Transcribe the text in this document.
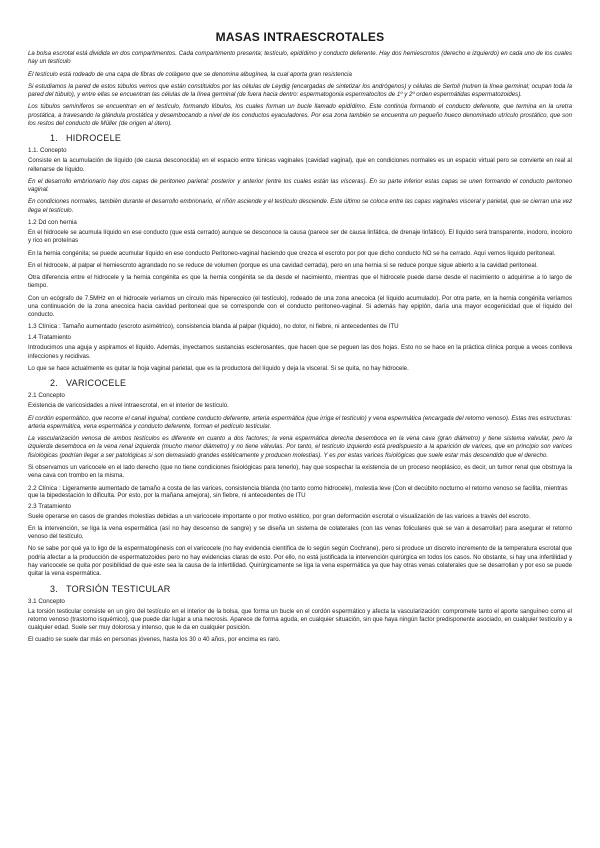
MASAS INTRAESCROTALES

La bolsa escrotal está dividida en dos compartimentos. Cada compartimento presenta; testículo, epidídimo y conducto deferente. Hay dos hemiescrotos (derecho e izquierdo) en cada uno de los cuales hay un testículo

El testículo está rodeado de una capa de fibras de colágeno que se denomina albugínea, la cual aporta gran resistencia

Si estudiamos la pared de estos túbulos vemos que están constituidos por las células de Leydig (encargadas de sintetizar los andrógenos) y células de Sertoli (nutren la línea germinal; ocupan toda la pared del túbulo), y entre ellas se encuentran las células de la línea germinal (de fuera hacia dentro: espermatogonia espermatocitos de 1º y 2º orden espermátidas espermatozoides).

Los túbulos seminíferos se encuentran en el testículo, formando lóbulos, los cuales forman un bucle llamado epidídimo. Este continúa formando el conducto deferente, que termina en la uretra prostática, a travesando la glándula prostática y desembocando a nivel de los conductos eyaculadores. Por esa zona también se encuentra un pequeño hueco denominado utrículo prostático, que son los restos del conducto de Müller (de origen al útero).

1. HIDROCELE
1.1. Concepto

Consiste en la acumulación de líquido (de causa desconocida) en el espacio entre túnicas vaginales (cavidad vaginal), que en condiciones normales es un espacio virtual pero se convierte en real al rellenarse de líquido.

En el desarrollo embrionario hay dos capas de peritoneo parietal: posterior y anterior (entre los cuales están las vísceras). En su parte inferior estas capas se unen formando el conducto peritoneo vaginal.

En condiciones normales, también durante el desarrollo embrionario, el riñón asciende y el testículo desciende. Este último se coloca entre las capas vaginales visceral y parietal, que se cierran una vez llega el testículo.

1.2 Dd con hernia

En el hidrocele se acumula líquido en ese conducto (que está cerrado) aunque se desconoce la causa (parece ser de causa linfática, de drenaje linfático). El líquido será transparente, inodoro, incoloro y rico en proteínas

En la hernia congénita; se puede acumular líquido en ese conducto Peritoneo-vaginal haciendo que crezca el escroto por por que dicho conducto NO se ha cerrado. Aquí vemos líquido peritoneal.

En el hidrocele, al palpar el hemiescroto agrandado no se reduce de volumen (porque es una cavidad cerrada), pero en una hernia si se reduce porque sigue abierto a la cavidad peritoneal.

Otra diferencia entre el hidrocele y la hernia congénita es que la hernia congénita se da desde el nacimiento, mientras que el hidrocele puede darse desde el nacimiento o adquirirse a lo largo de tiempo.

Con un ecógrafo de 7.5MHz en el hidrocele veríamos un círculo más hiperecoico (el testículo), rodeado de una zona anecoica (el líquido acumulado). Por otra parte, en la hernia congénita veríamos una continuación de la zona anecoica hacia cavidad peritoneal que se corresponde con el conducto peritoneo-vaginal. Si además hay epiplón, daría una mayor ecogenicidad que el líquido del conducto.

1.3 Clínica : Tamaño aumentado (escroto asimétrico), consistencia blanda al palpar (líquido), no dolor, ni fiebre, ni antecedentes de ITU
1.4 Tratamiento

Introducimos una aguja y aspiramos el líquido. Además, inyectamos sustancias esclerosantes, que hacen que se peguen las dos hojas. Esto no se hace en la práctica clínica porque a veces conlleva infecciones y recidivas.

Lo que se hace actualmente es quitar la hoja vaginal parietal, que es la productora del líquido y deja la visceral. Si se quita, no hay hidrocele.

2. VARICOCELE
2.1 Concepto

Existencia de varicosidades a nivel intraescrotal, en el interior de testículo.

El cordón espermático, que recorre el canal inguinal, contiene conducto deferente, arteria espermática (que irriga el testículo) y vena espermática (encargada del retorno venoso). Estas tres estructuras: arteria espermática, vena espermática y conducto deferente, forman el pedículo testicular.

La vascularización venosa de ambos testículos es diferente en cuanto a dos factores; la vena espermática derecha desemboca en la vena cava (gran diámetro) y tiene sistema valvular, pero la izquierda desemboca en la vena renal izquierda (mucho menor diámetro) y no tiene válvulas. Por tanto, el testículo izquierdo está predispuesto a la aparición de varices, que en principio son varices fisiológicas (podrían llegar a ser patológicas si son demasiado grandes estéticamente y producen molestias). Y es por estas varices fisiológicas que suele estar más descendido que el derecho.

Si observamos un varicocele en el lado derecho (que no tiene condiciones fisiológicas para tenerlo), hay que sospechar la existencia de un proceso neoplásico, es decir, un tumor renal que obstruya la vena cava con trombo en la misma.

2.2 Clínica : Ligeramente aumentado de tamaño a costa de las varices, consistencia blanda (no tanto como hidrocele), molestia leve (Con el decúbito nocturno el retorno venoso se facilita, mientras que la bipedestación lo dificulta. Por esto, por la mañana amejora), sin fiebre, ni antecedentes de ITU
2.3 Tratamiento

Suele operarse en casos de grandes molestias debidas a un varicocele importante o por motivo estético, por gran deformación escrotal o visualización de las varices a través del escroto.

En la intervención, se liga la vena espermática (así no hay descenso de sangre) y se diseña un sistema de colaterales (con las venas foliculares que se van a desarrollar) para asegurar el retorno venoso del testículo.

No se sabe por qué ya lo ligo de la espermatogénesis con el varicocele (no hay evidencia científica de lo según según Cochrane), pero si produce un discreto incremento de la temperatura escrotal que podría afectar a la producción de espermatozoides pero no hay evidencias claras de esto. Por ello, no está justificada la intervención quirúrgica en todos los casos. No obstante, si hay una infertilidad y hay varicocele se quita por posibilidad de que este sea la causa de la infertilidad. Quirúrgicamente se liga la vena espermática ya que hay otras venas colaterales que se desarrollan y por eso se puede quitar la vena espermática.

3. TORSIÓN TESTICULAR
3.1 Concepto

La torsión testicular consiste en un giro del testículo en el interior de la bolsa, que forma un bucle en el cordón espermático y afecta la vascularización: compromete tanto el aporte sanguíneo como el retorno venoso (trastorno isquémico), que puede dar lugar a una necrosis. Aparece de forma aguda, en cualquier situación, sin que haya ningún factor predisponente asociado, en cualquier testículo y a cualquier edad. Suele ser muy dolorosa y intenso, que le da en cualquier posición.

El cuadro se suele dar más en personas jóvenes, hasta los 30 o 40 años, por encima es raro.
